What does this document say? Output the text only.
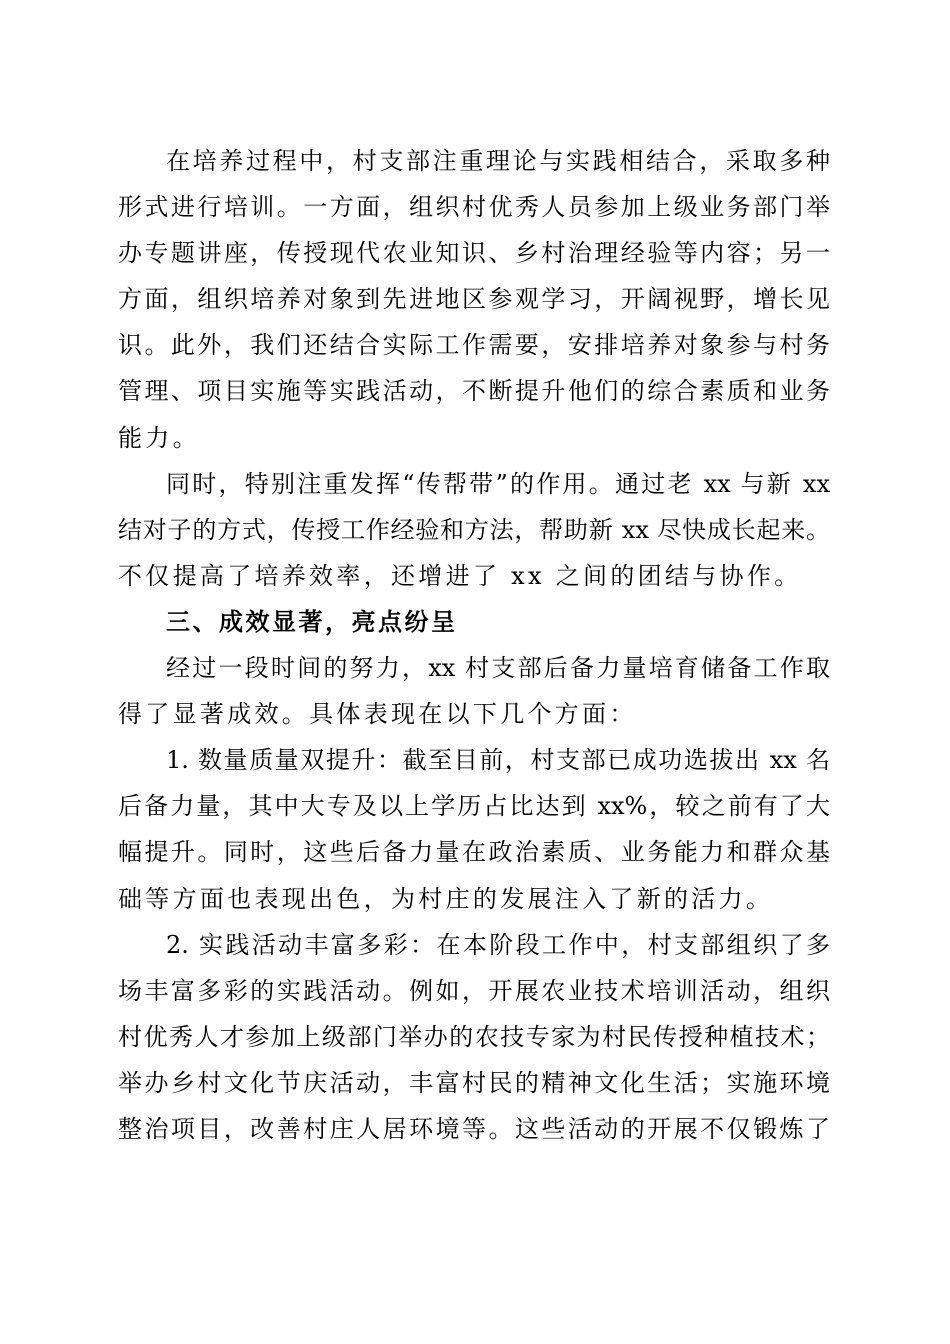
在培养过程中，村支部注重理论与实践相结合，采取多种
形式进行培训。一方面，组织村优秀人员参加上级业务部门举
办专题讲座，传授现代农业知识、乡村治理经验等内容；另一
方面，组织培养对象到先进地区参观学习，开阔视野，增长见
识。此外，我们还结合实际工作需要，安排培养对象参与村务
管理、项目实施等实践活动，不断提升他们的综合素质和业务
能力。
同时，特别注重发挥“传帮带”的作用。通过老 xx 与新 xx
结对子的方式，传授工作经验和方法，帮助新 xx 尽快成长起来。
不仅提高了培养效率，还增进了 xx 之间的团结与协作。
三、成效显著，亮点纷呈
经过一段时间的努力，xx 村支部后备力量培育储备工作取
得了显著成效。具体表现在以下几个方面：
1. 数量质量双提升：截至目前，村支部已成功选拔出 xx 名
后备力量，其中大专及以上学历占比达到 xx%，较之前有了大
幅提升。同时，这些后备力量在政治素质、业务能力和群众基
础等方面也表现出色，为村庄的发展注入了新的活力。
2. 实践活动丰富多彩：在本阶段工作中，村支部组织了多
场丰富多彩的实践活动。例如，开展农业技术培训活动，组织
村优秀人才参加上级部门举办的农技专家为村民传授种植技术；
举办乡村文化节庆活动，丰富村民的精神文化生活；实施环境
整治项目，改善村庄人居环境等。这些活动的开展不仅锻炼了
